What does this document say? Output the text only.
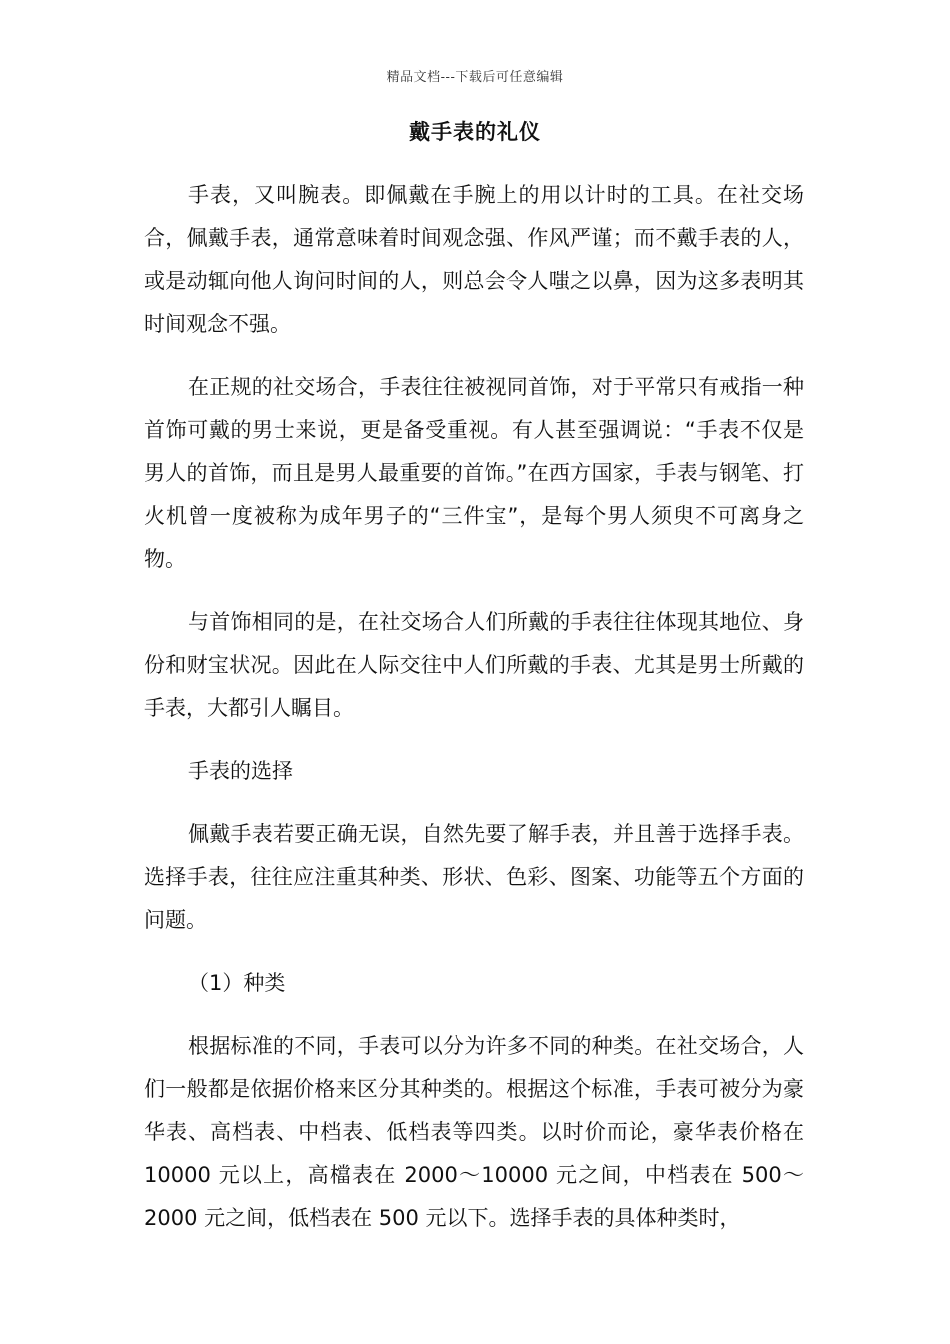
精品文档---下载后可任意编辑
戴手表的礼仪

手表，又叫腕表。即佩戴在手腕上的用以计时的工具。在社交场合，佩戴手表，通常意味着时间观念强、作风严谨；而不戴手表的人，或是动辄向他人询问时间的人，则总会令人嗤之以鼻，因为这多表明其时间观念不强。

在正规的社交场合，手表往往被视同首饰，对于平常只有戒指一种首饰可戴的男士来说，更是备受重视。有人甚至强调说：“手表不仅是男人的首饰，而且是男人最重要的首饰。”在西方国家，手表与钢笔、打火机曾一度被称为成年男子的“三件宝”，是每个男人须臾不可离身之物。

与首饰相同的是，在社交场合人们所戴的手表往往体现其地位、身份和财宝状况。因此在人际交往中人们所戴的手表、尤其是男士所戴的手表，大都引人瞩目。

手表的选择

佩戴手表若要正确无误，自然先要了解手表，并且善于选择手表。选择手表，往往应注重其种类、形状、色彩、图案、功能等五个方面的问题。

（1）种类

根据标准的不同，手表可以分为许多不同的种类。在社交场合，人们一般都是依据价格来区分其种类的。根据这个标准，手表可被分为豪华表、高档表、中档表、低档表等四类。以时价而论，豪华表价格在 10000 元以上，高檔表在 2000～10000 元之间，中档表在 500～2000 元之间，低档表在 500 元以下。选择手表的具体种类时，
